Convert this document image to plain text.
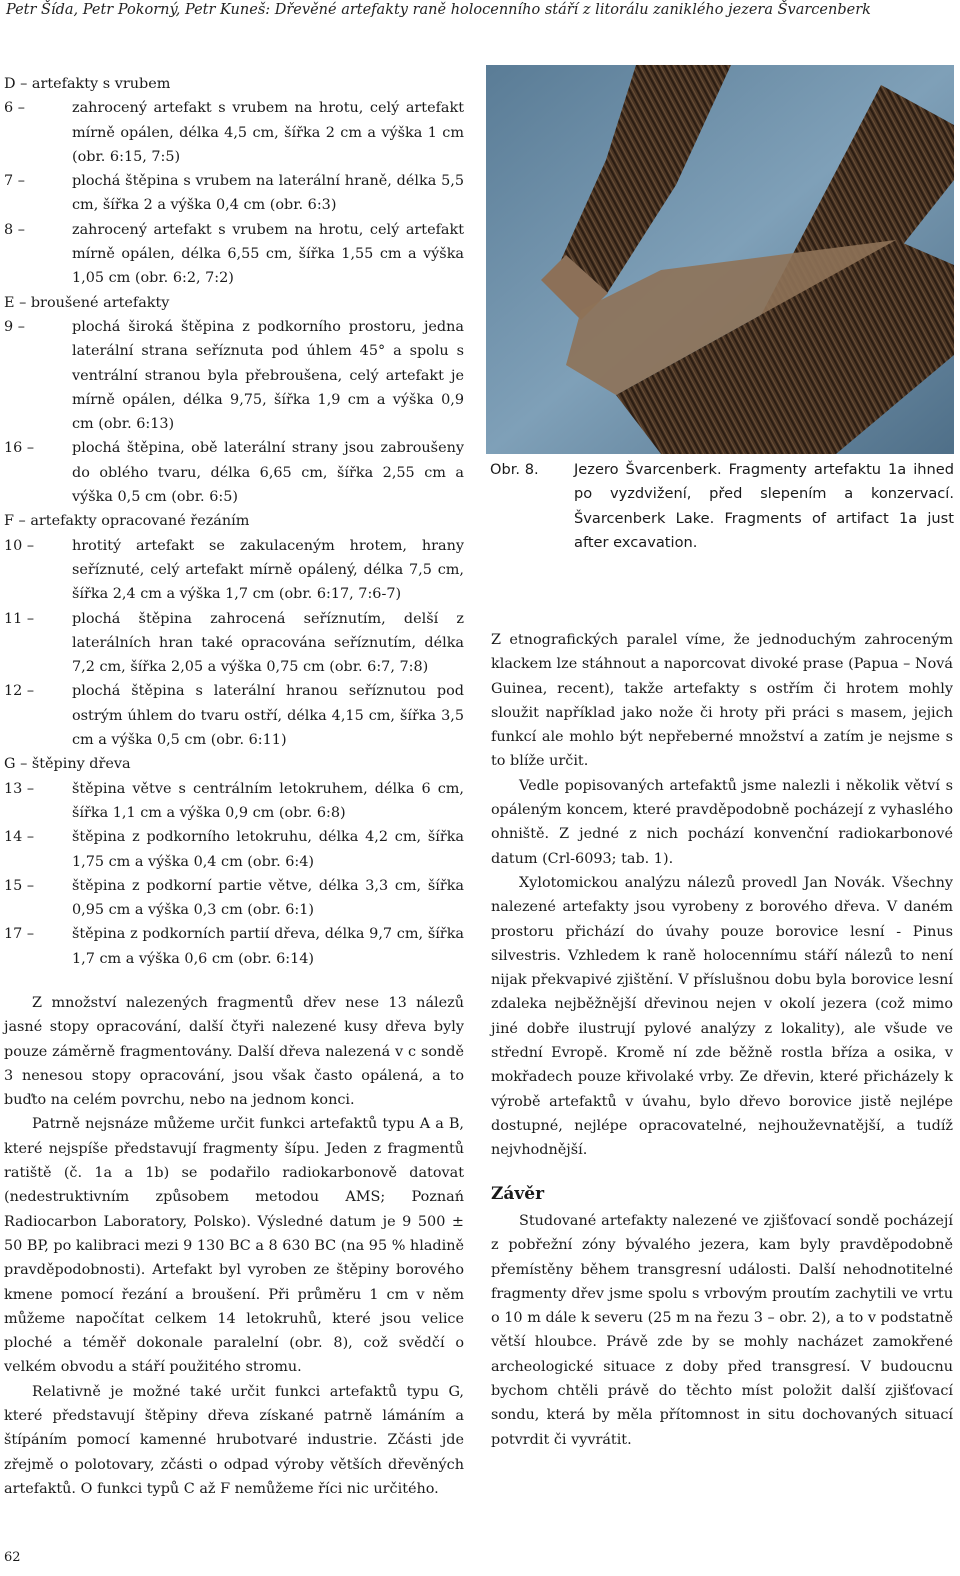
Petr Šída, Petr Pokorný, Petr Kuneš: Dřevěné artefakty raně holocenního stáří z litorálu zaniklého jezera Švarcenberk
D – artefakty s vrubem
6 –	zahrocený artefakt s vrubem na hrotu, celý artefakt mírně opálen, délka 4,5 cm, šířka 2 cm a výška 1 cm (obr. 6:15, 7:5)
7 –	plochá štěpina s vrubem na laterální hraně, délka 5,5 cm, šířka 2 a výška 0,4 cm (obr. 6:3)
8 –	zahrocený artefakt s vrubem na hrotu, celý artefakt mírně opálen, délka 6,55 cm, šířka 1,55 cm a výška 1,05 cm (obr. 6:2, 7:2)
E – broušené artefakty
9 –	plochá široká štěpina z podkorního prostoru, jedna laterální strana seříznuta pod úhlem 45° a spolu s ventrální stranou byla přebroušena, celý artefakt je mírně opálen, délka 9,75, šířka 1,9 cm a výška 0,9 cm (obr. 6:13)
16 –	plochá štěpina, obě laterální strany jsou zabroušeny do oblého tvaru, délka 6,65 cm, šířka 2,55 cm a výška 0,5 cm (obr. 6:5)
F – artefakty opracované řezáním
10 –	hrotitý artefakt se zakulaceným hrotem, hrany seříznuté, celý artefakt mírně opálený, délka 7,5 cm, šířka 2,4 cm a výška 1,7 cm (obr. 6:17, 7:6-7)
11 –	plochá štěpina zahrocená seříznutím, delší z laterálních hran také opracována seříznutím, délka 7,2 cm, šířka 2,05 a výška 0,75 cm (obr. 6:7, 7:8)
12 –	plochá štěpina s laterální hranou seříznutou pod ostrým úhlem do tvaru ostří, délka 4,15 cm, šířka 3,5 cm a výška 0,5 cm (obr. 6:11)
G – štěpiny dřeva
13 –	štěpina větve s centrálním letokruhem, délka 6 cm, šířka 1,1 cm a výška 0,9 cm (obr. 6:8)
14 –	štěpina z podkorního letokruhu, délka 4,2 cm, šířka 1,75 cm a výška 0,4 cm (obr. 6:4)
15 –	štěpina z podkorní partie větve, délka 3,3 cm, šířka 0,95 cm a výška 0,3 cm (obr. 6:1)
17 –	štěpina z podkorních partií dřeva, délka 9,7 cm, šířka 1,7 cm a výška 0,6 cm (obr. 6:14)

Z množství nalezených fragmentů dřev nese 13 nálezů jasné stopy opracování, další čtyři nalezené kusy dřeva byly pouze záměrně fragmentovány. Další dřeva nalezená v c sondě 3 nenesou stopy opracování, jsou však často opálená, a to buďto na celém povrchu, nebo na jednom konci.

Patrně nejsnáze můžeme určit funkci artefaktů typu A a B, které nejspíše představují fragmenty šípu. Jeden z fragmentů ratiště (č. 1a a 1b) se podařilo radiokarbonově datovat (nedestruktivním způsobem metodou AMS; Poznań Radiocarbon Laboratory, Polsko). Výsledné datum je 9 500 ± 50 BP, po kalibraci mezi 9 130 BC a 8 630 BC (na 95 % hladině pravděpodobnosti). Artefakt byl vyroben ze štěpiny borového kmene pomocí řezání a broušení. Při průměru 1 cm v něm můžeme napočítat celkem 14 letokruhů, které jsou velice ploché a téměř dokonale paralelní (obr. 8), což svědčí o velkém obvodu a stáří použitého stromu.

Relativně je možné také určit funkci artefaktů typu G, které představují štěpiny dřeva získané patrně lámáním a štípáním pomocí kamenné hrubotvaré industrie. Zčásti jde zřejmě o polotovary, zčásti o odpad výroby větších dřevěných artefaktů. O funkci typů C až F nemůžeme říci nic určitého.

Obr. 8. Jezero Švarcenberk. Fragmenty artefaktu 1a ihned po vyzdvižení, před slepením a konzervací. Švarcenberk Lake. Fragments of artifact 1a just after excavation.

Z etnografických paralel víme, že jednoduchým zahroceným klackem lze stáhnout a naporcovat divoké prase (Papua – Nová Guinea, recent), takže artefakty s ostřím či hrotem mohly sloužit například jako nože či hroty při práci s masem, jejich funkcí ale mohlo být nepřeberné množství a zatím je nejsme s to blíže určit.

Vedle popisovaných artefaktů jsme nalezli i několik větví s opáleným koncem, které pravděpodobně pocházejí z vyhaslého ohniště. Z jedné z nich pochází konvenční radiokarbonové datum (Crl-6093; tab. 1).

Xylotomickou analýzu nálezů provedl Jan Novák. Všechny nalezené artefakty jsou vyrobeny z borového dřeva. V daném prostoru přichází do úvahy pouze borovice lesní - Pinus silvestris. Vzhledem k raně holocennímu stáří nálezů to není nijak překvapivé zjištění. V příslušnou dobu byla borovice lesní zdaleka nejběžnější dřevinou nejen v okolí jezera (což mimo jiné dobře ilustrují pylové analýzy z lokality), ale všude ve střední Evropě. Kromě ní zde běžně rostla bříza a osika, v mokřadech pouze křivolaké vrby. Ze dřevin, které přicházely k výrobě artefaktů v úvahu, bylo dřevo borovice jistě nejlépe dostupné, nejlépe opracovatelné, nejhouževnatější, a tudíž nejvhodnější.

Závěr

Studované artefakty nalezené ve zjišťovací sondě pocházejí z pobřežní zóny bývalého jezera, kam byly pravděpodobně přemístěny během transgresní události. Další nehodnotitelné fragmenty dřev jsme spolu s vrbovým proutím zachytili ve vrtu o 10 m dále k severu (25 m na řezu 3 – obr. 2), a to v podstatně větší hloubce. Právě zde by se mohly nacházet zamokřené archeologické situace z doby před transgresí. V budoucnu bychom chtěli právě do těchto míst položit další zjišťovací sondu, která by měla přítomnost in situ dochovaných situací potvrdit či vyvrátit.

62
